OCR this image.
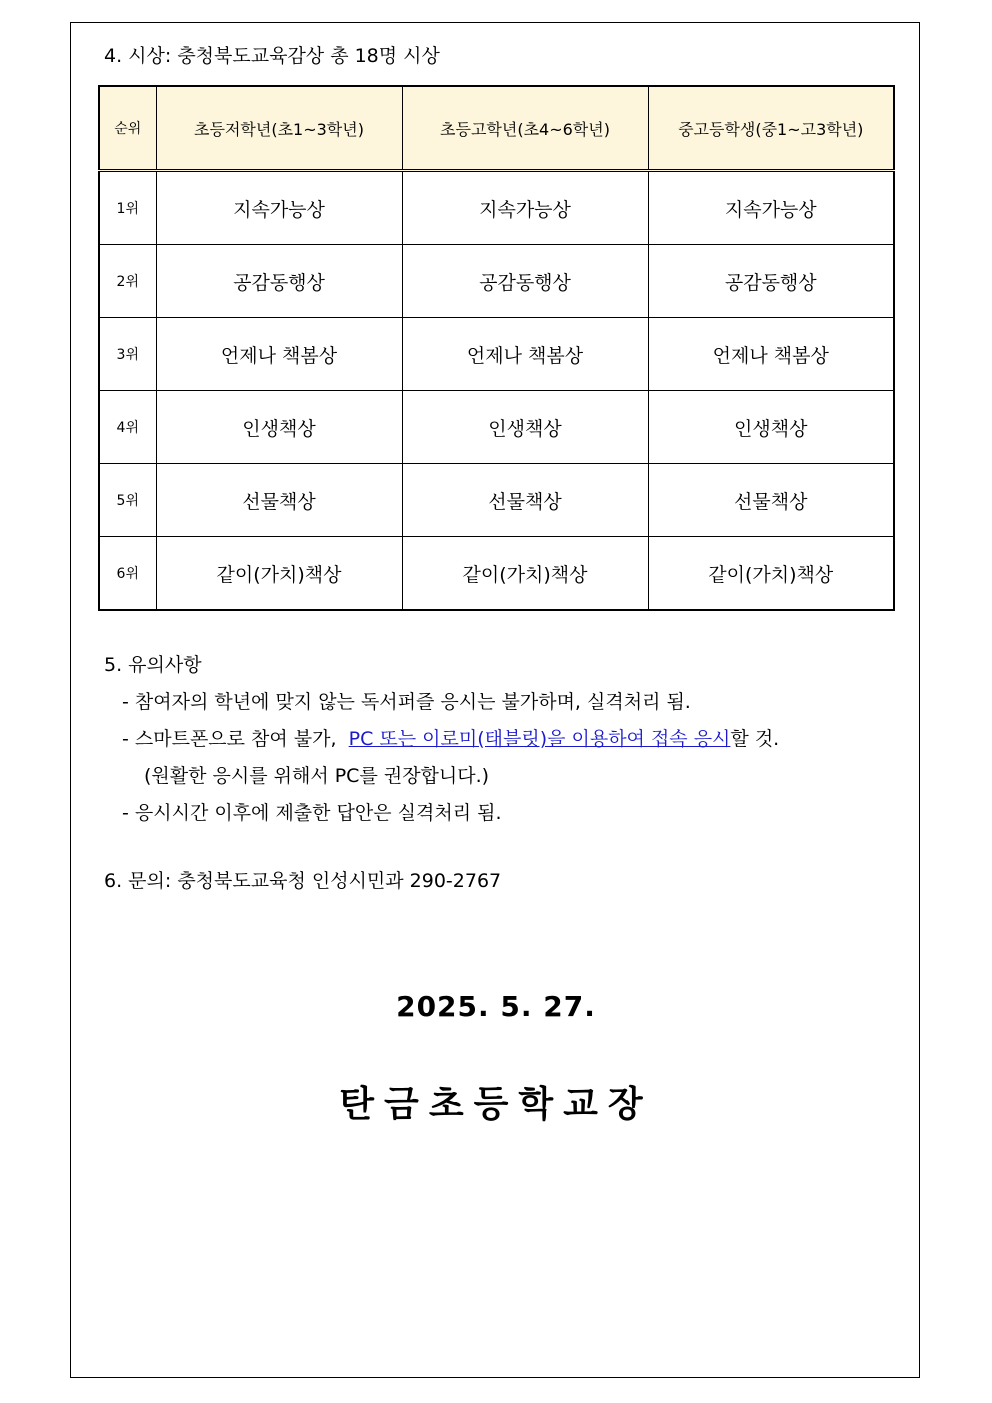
4. 시상: 충청북도교육감상 총 18명 시상
순위	초등저학년(초1~3학년)	초등고학년(초4~6학년)	중고등학생(중1~고3학년)
1위	지속가능상	지속가능상	지속가능상
2위	공감동행상	공감동행상	공감동행상
3위	언제나 책봄상	언제나 책봄상	언제나 책봄상
4위	인생책상	인생책상	인생책상
5위	선물책상	선물책상	선물책상
6위	같이(가치)책상	같이(가치)책상	같이(가치)책상
5. 유의사항
- 참여자의 학년에 맞지 않는 독서퍼즐 응시는 불가하며, 실격처리 됨.
- 스마트폰으로 참여 불가,  PC 또는 이로미(태블릿)을 이용하여 접속 응시할 것.
(원활한 응시를 위해서 PC를 권장합니다.)
- 응시시간 이후에 제출한 답안은 실격처리 됨.
6. 문의: 충청북도교육청 인성시민과 290-2767
2025. 5. 27.
탄금초등학교장
